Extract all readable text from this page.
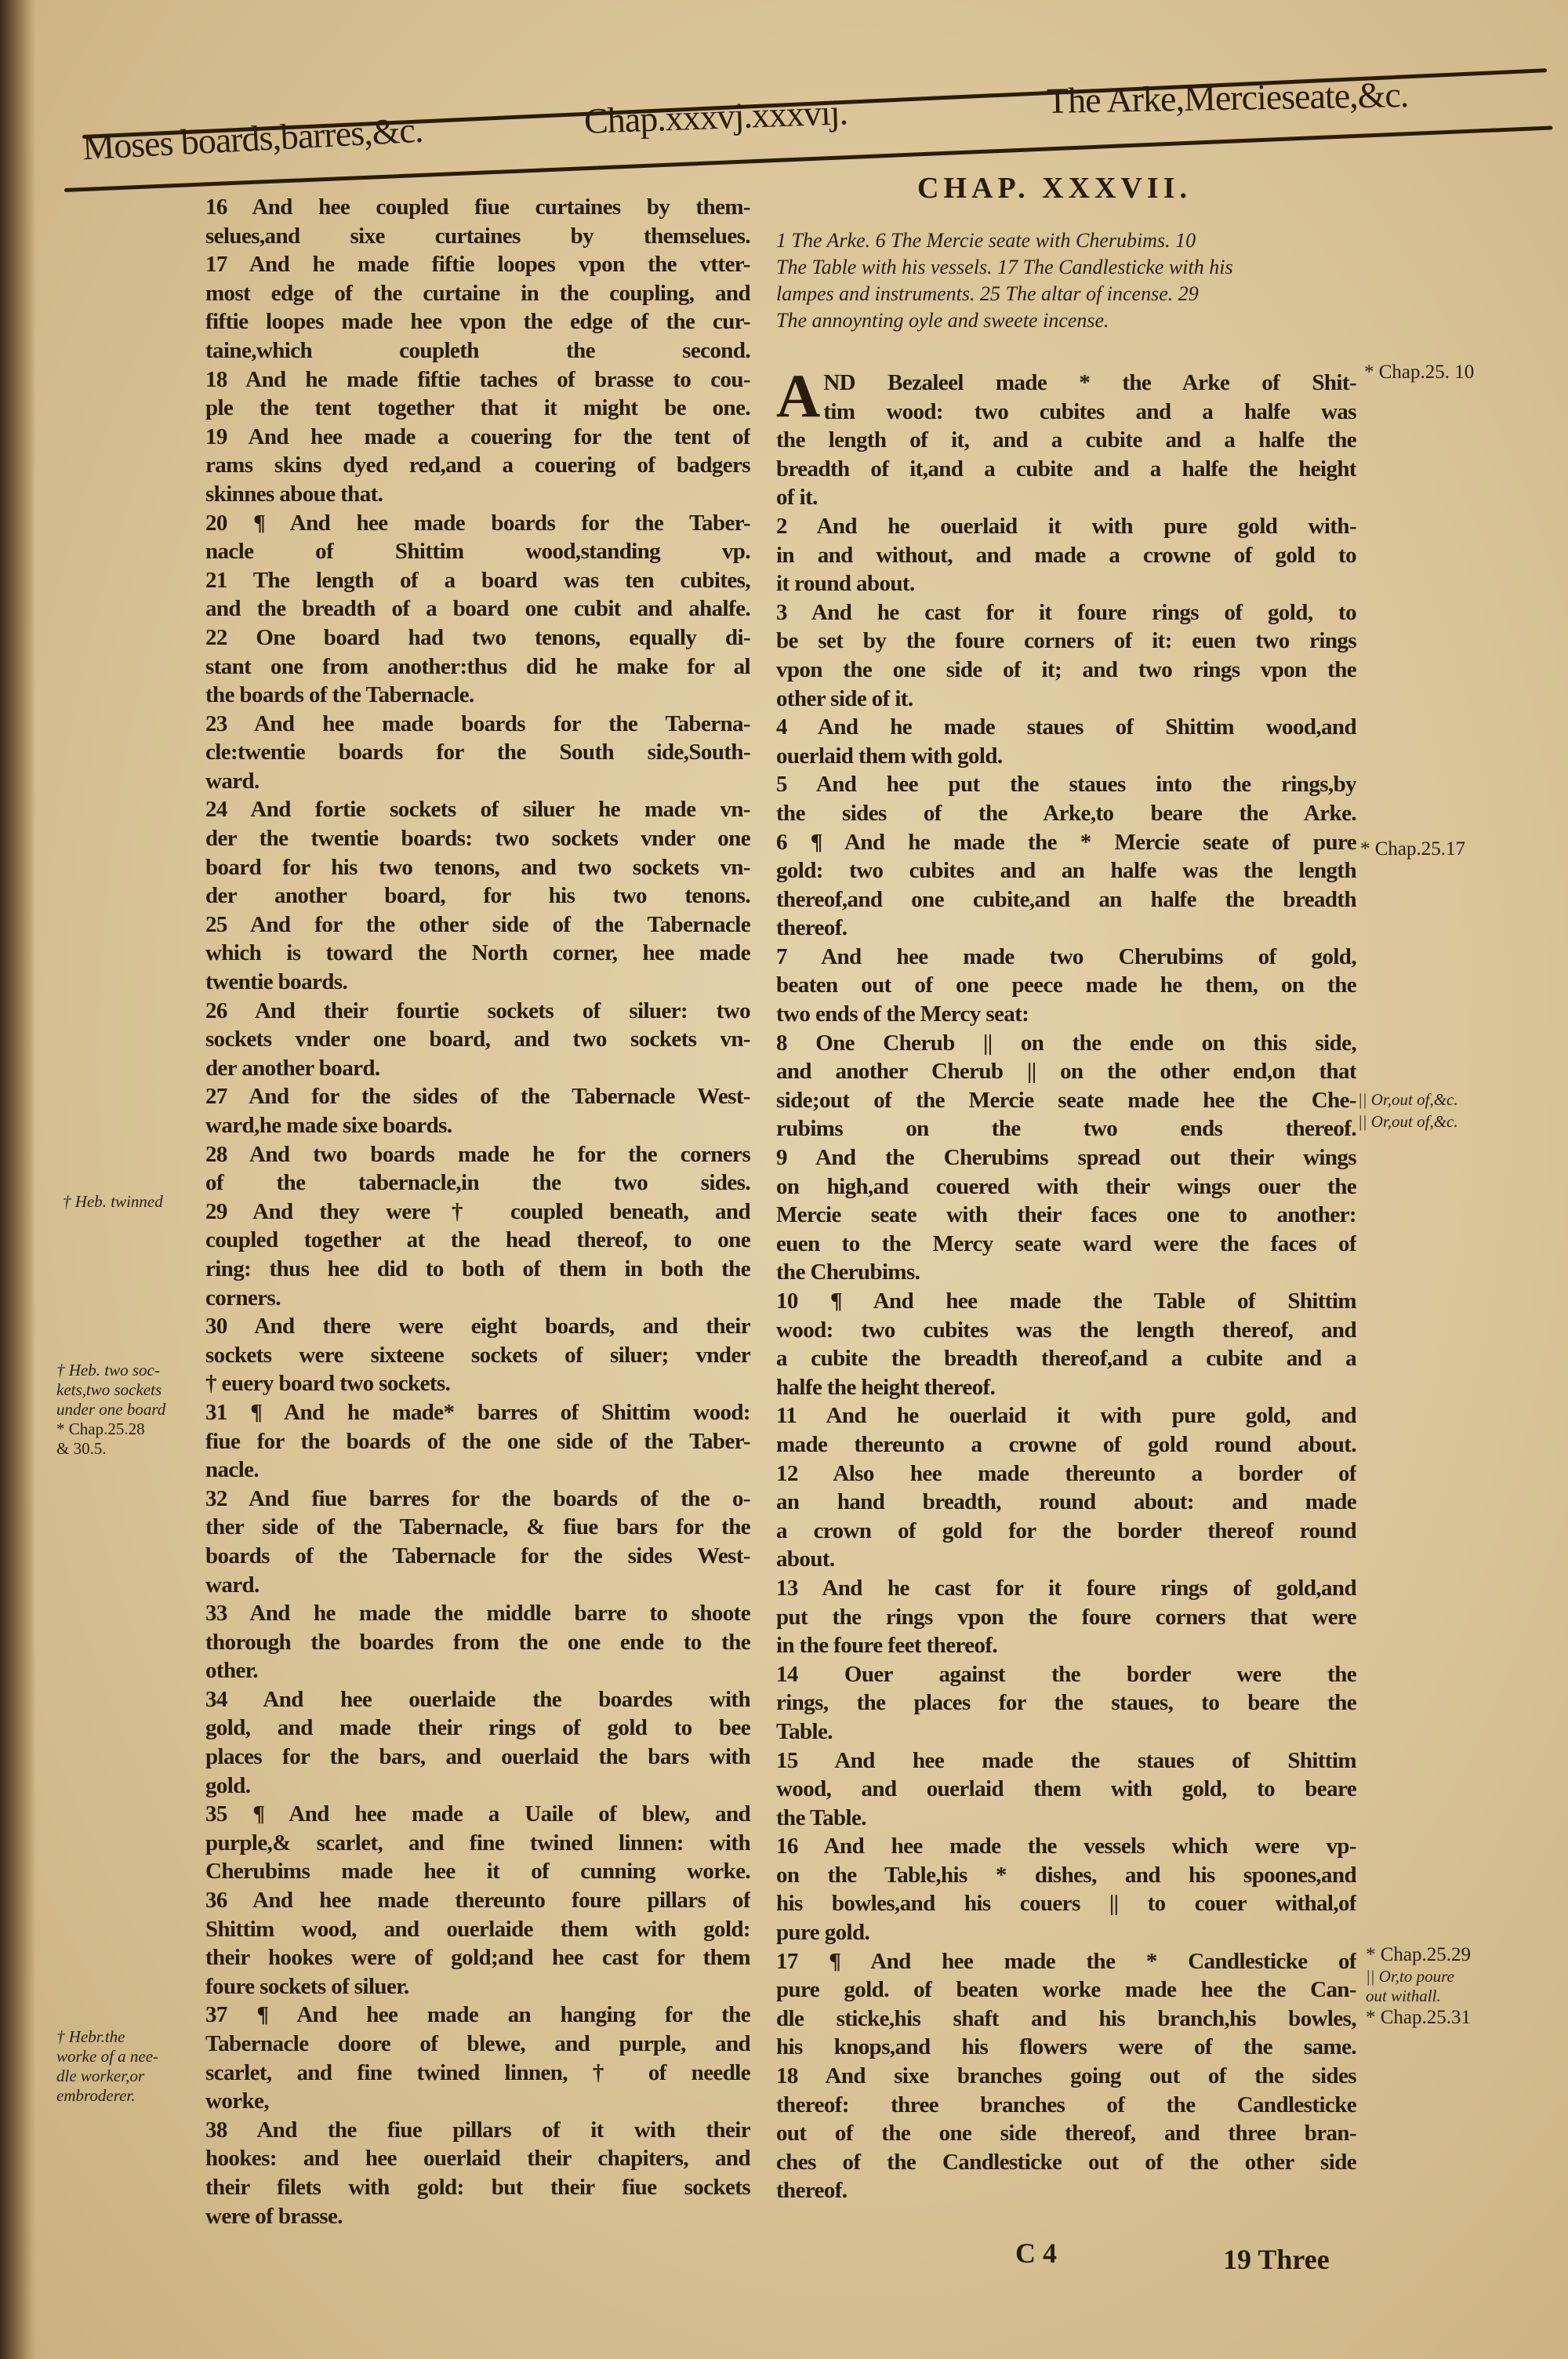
Moses boards,barres,&c.	Chap.xxxvj.xxxvij.	The Arke,Mercieseate,&c.
16 And hee coupled fiue curtaines by them-
selues,and sixe curtaines by themselues.
17 And he made fiftie loopes vpon the vtter-
most edge of the curtaine in the coupling, and
fiftie loopes made hee vpon the edge of the cur-
taine,which coupleth the second.
18 And he made fiftie taches of brasse to cou-
ple the tent together that it might be one.
19 And hee made a couering for the tent of
rams skins dyed red,and a couering of badgers
skinnes aboue that.
20 ¶ And hee made boards for the Taber-
nacle of Shittim wood,standing vp.
21 The length of a board was ten cubites,
and the breadth of a board one cubit and ahalfe.
22 One board had two tenons, equally di-
stant one from another:thus did he make for al
the boards of the Tabernacle.
23 And hee made boards for the Taberna-
cle:twentie boards for the South side,South-
ward.
24 And fortie sockets of siluer he made vn-
der the twentie boards: two sockets vnder one
board for his two tenons, and two sockets vn-
der another board, for his two tenons.
25 And for the other side of the Tabernacle
which is toward the North corner, hee made
twentie boards.
26 And their fourtie sockets of siluer: two
sockets vnder one board, and two sockets vn-
der another board.
27 And for the sides of the Tabernacle West-
ward,he made sixe boards.
28 And two boards made he for the corners
of the tabernacle,in the two sides.
29 And they were† coupled beneath, and
coupled together at the head thereof, to one
ring: thus hee did to both of them in both the
corners.
30 And there were eight boards, and their
sockets were sixteene sockets of siluer; vnder
† euery board two sockets.
31 ¶ And he made* barres of Shittim wood:
fiue for the boards of the one side of the Taber-
nacle.
32 And fiue barres for the boards of the o-
ther side of the Tabernacle, & fiue bars for the
boards of the Tabernacle for the sides West-
ward.
33 And he made the middle barre to shoote
thorough the boardes from the one ende to the
other.
34 And hee ouerlaide the boardes with
gold, and made their rings of gold to bee
places for the bars, and ouerlaid the bars with
gold.
35 ¶ And hee made a Uaile of blew, and
purple,& scarlet, and fine twined linnen: with
Cherubims made hee it of cunning worke.
36 And hee made thereunto foure pillars of
Shittim wood, and ouerlaide them with gold:
their hookes were of gold;and hee cast for them
foure sockets of siluer.
37 ¶ And hee made an hanging for the
Tabernacle doore of blewe, and purple, and
scarlet, and fine twined linnen, † of needle
worke,
38 And the fiue pillars of it with their
hookes: and hee ouerlaid their chapiters, and
their filets with gold: but their fiue sockets
were of brasse.
CHAP. XXXVII.
1 The Arke. 6 The Mercie seate with Cherubims. 10
The Table with his vessels. 17 The Candlesticke with his
lampes and instruments. 25 The altar of incense. 29
The annoynting oyle and sweete incense.
A ND Bezaleel made * the Arke of Shit-
tim wood: two cubites and a halfe was
the length of it, and a cubite and a halfe the
breadth of it,and a cubite and a halfe the height
of it.
2 And he ouerlaid it with pure gold with-
in and without, and made a crowne of gold to
it round about.
3 And he cast for it foure rings of gold, to
be set by the foure corners of it: euen two rings
vpon the one side of it; and two rings vpon the
other side of it.
4 And he made staues of Shittim wood,and
ouerlaid them with gold.
5 And hee put the staues into the rings,by
the sides of the Arke,to beare the Arke.
6 ¶ And he made the * Mercie seate of pure
gold: two cubites and an halfe was the length
thereof,and one cubite,and an halfe the breadth
thereof.
7 And hee made two Cherubims of gold,
beaten out of one peece made he them, on the
two ends of the Mercy seat:
8 One Cherub || on the ende on this side,
and another Cherub || on the other end,on that
side;out of the Mercie seate made hee the Che-
rubims on the two ends thereof.
9 And the Cherubims spread out their wings
on high,and couered with their wings ouer the
Mercie seate with their faces one to another:
euen to the Mercy seate ward were the faces of
the Cherubims.
10 ¶ And hee made the Table of Shittim
wood: two cubites was the length thereof, and
a cubite the breadth thereof,and a cubite and a
halfe the height thereof.
11 And he ouerlaid it with pure gold, and
made thereunto a crowne of gold round about.
12 Also hee made thereunto a border of
an hand breadth, round about: and made
a crown of gold for the border thereof round
about.
13 And he cast for it foure rings of gold,and
put the rings vpon the foure corners that were
in the foure feet thereof.
14 Ouer against the border were the
rings, the places for the staues, to beare the
Table.
15 And hee made the staues of Shittim
wood, and ouerlaid them with gold, to beare
the Table.
16 And hee made the vessels which were vp-
on the Table,his * dishes, and his spoones,and
his bowles,and his couers || to couer withal,of
pure gold.
17 ¶ And hee made the * Candlesticke of
pure gold. of beaten worke made hee the Can-
dle sticke,his shaft and his branch,his bowles,
his knops,and his flowers were of the same.
18 And sixe branches going out of the sides
thereof: three branches of the Candlesticke
out of the one side thereof, and three bran-
ches of the Candlesticke out of the other side
thereof.
† Heb. twinned
† Heb. two soc-
kets,two sockets
under one board
* Chap.25.28
& 30.5.
† Hebr.the
worke of a nee-
dle worker,or
embroderer.
* Chap.25. 10
* Chap.25.17
|| Or,out of,&c.
|| Or,out of,&c.
* Chap.25.29
|| Or,to poure
out withall.
* Chap.25.31
C 4	19 Three
